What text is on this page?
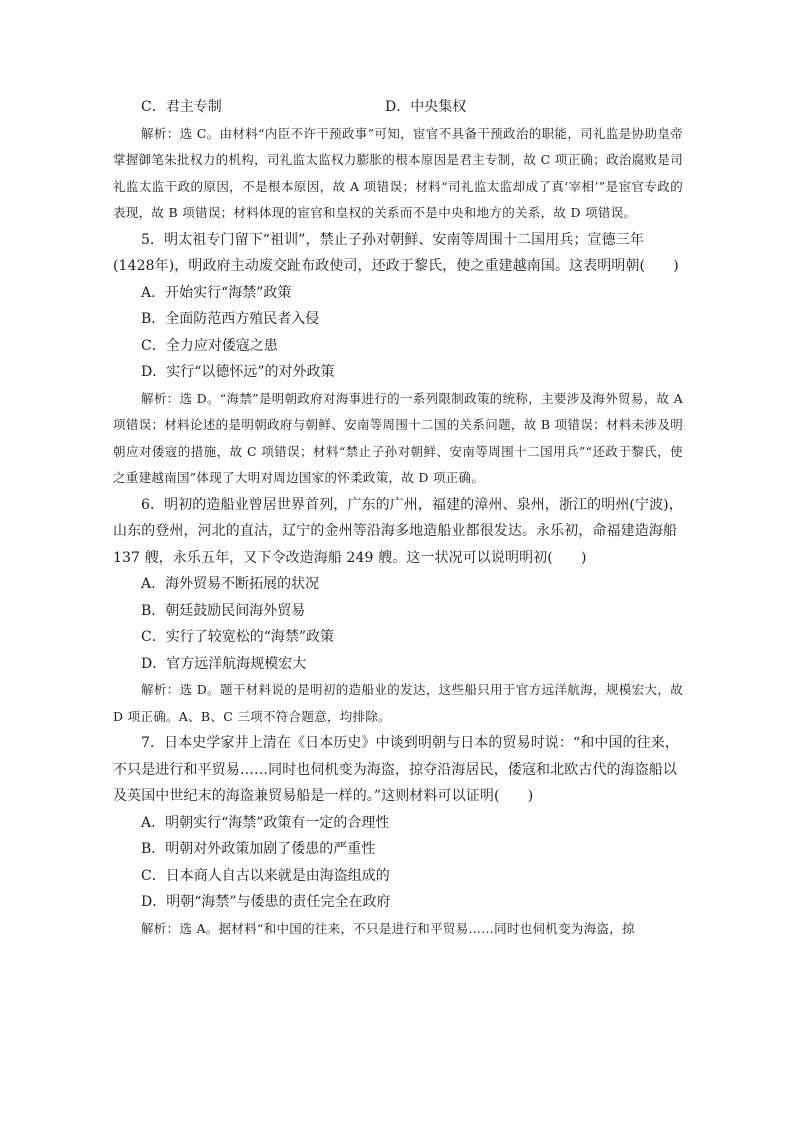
C．君主专制	D．中央集权
解析：选 C。由材料“内臣不许干预政事”可知，宦官不具备干预政治的职能，司礼监是协助皇帝掌握御笔朱批权力的机构，司礼监太监权力膨胀的根本原因是君主专制，故 C 项正确；政治腐败是司礼监太监干政的原因，不是根本原因，故 A 项错误；材料“司礼监太监却成了真‘宰相’”是宦官专政的表现，故 B 项错误；材料体现的宦官和皇权的关系而不是中央和地方的关系，故 D 项错误。
5．明太祖专门留下“祖训”，禁止子孙对朝鲜、安南等周围十二国用兵；宣德三年(1428年)，明政府主动废交趾布政使司，还政于黎氏，使之重建越南国。这表明明朝(　　)
A．开始实行“海禁”政策
B．全面防范西方殖民者入侵
C．全力应对倭寇之患
D．实行“以德怀远”的对外政策
解析：选 D。“海禁”是明朝政府对海事进行的一系列限制政策的统称，主要涉及海外贸易，故 A 项错误；材料论述的是明朝政府与朝鲜、安南等周围十二国的关系问题，故 B 项错误；材料未涉及明朝应对倭寇的措施，故 C 项错误；材料“禁止子孙对朝鲜、安南等周围十二国用兵”“还政于黎氏，使之重建越南国”体现了大明对周边国家的怀柔政策，故 D 项正确。
6．明初的造船业曾居世界首列，广东的广州，福建的漳州、泉州，浙江的明州(宁波)，山东的登州，河北的直沽，辽宁的金州等沿海多地造船业都很发达。永乐初，命福建造海船 137 艘，永乐五年，又下令改造海船 249 艘。这一状况可以说明明初(　　)
A．海外贸易不断拓展的状况
B．朝廷鼓励民间海外贸易
C．实行了较宽松的“海禁”政策
D．官方远洋航海规模宏大
解析：选 D。题干材料说的是明初的造船业的发达，这些船只用于官方远洋航海，规模宏大，故 D 项正确。A、B、C 三项不符合题意，均排除。
7．日本史学家井上清在《日本历史》中谈到明朝与日本的贸易时说：“和中国的往来，不只是进行和平贸易……同时也伺机变为海盗，掠夺沿海居民，倭寇和北欧古代的海盗船以及英国中世纪末的海盗兼贸易船是一样的。”这则材料可以证明(　　)
A．明朝实行“海禁”政策有一定的合理性
B．明朝对外政策加剧了倭患的严重性
C．日本商人自古以来就是由海盗组成的
D．明朝“海禁”与倭患的责任完全在政府
解析：选 A。据材料“和中国的往来，不只是进行和平贸易……同时也伺机变为海盗，掠
